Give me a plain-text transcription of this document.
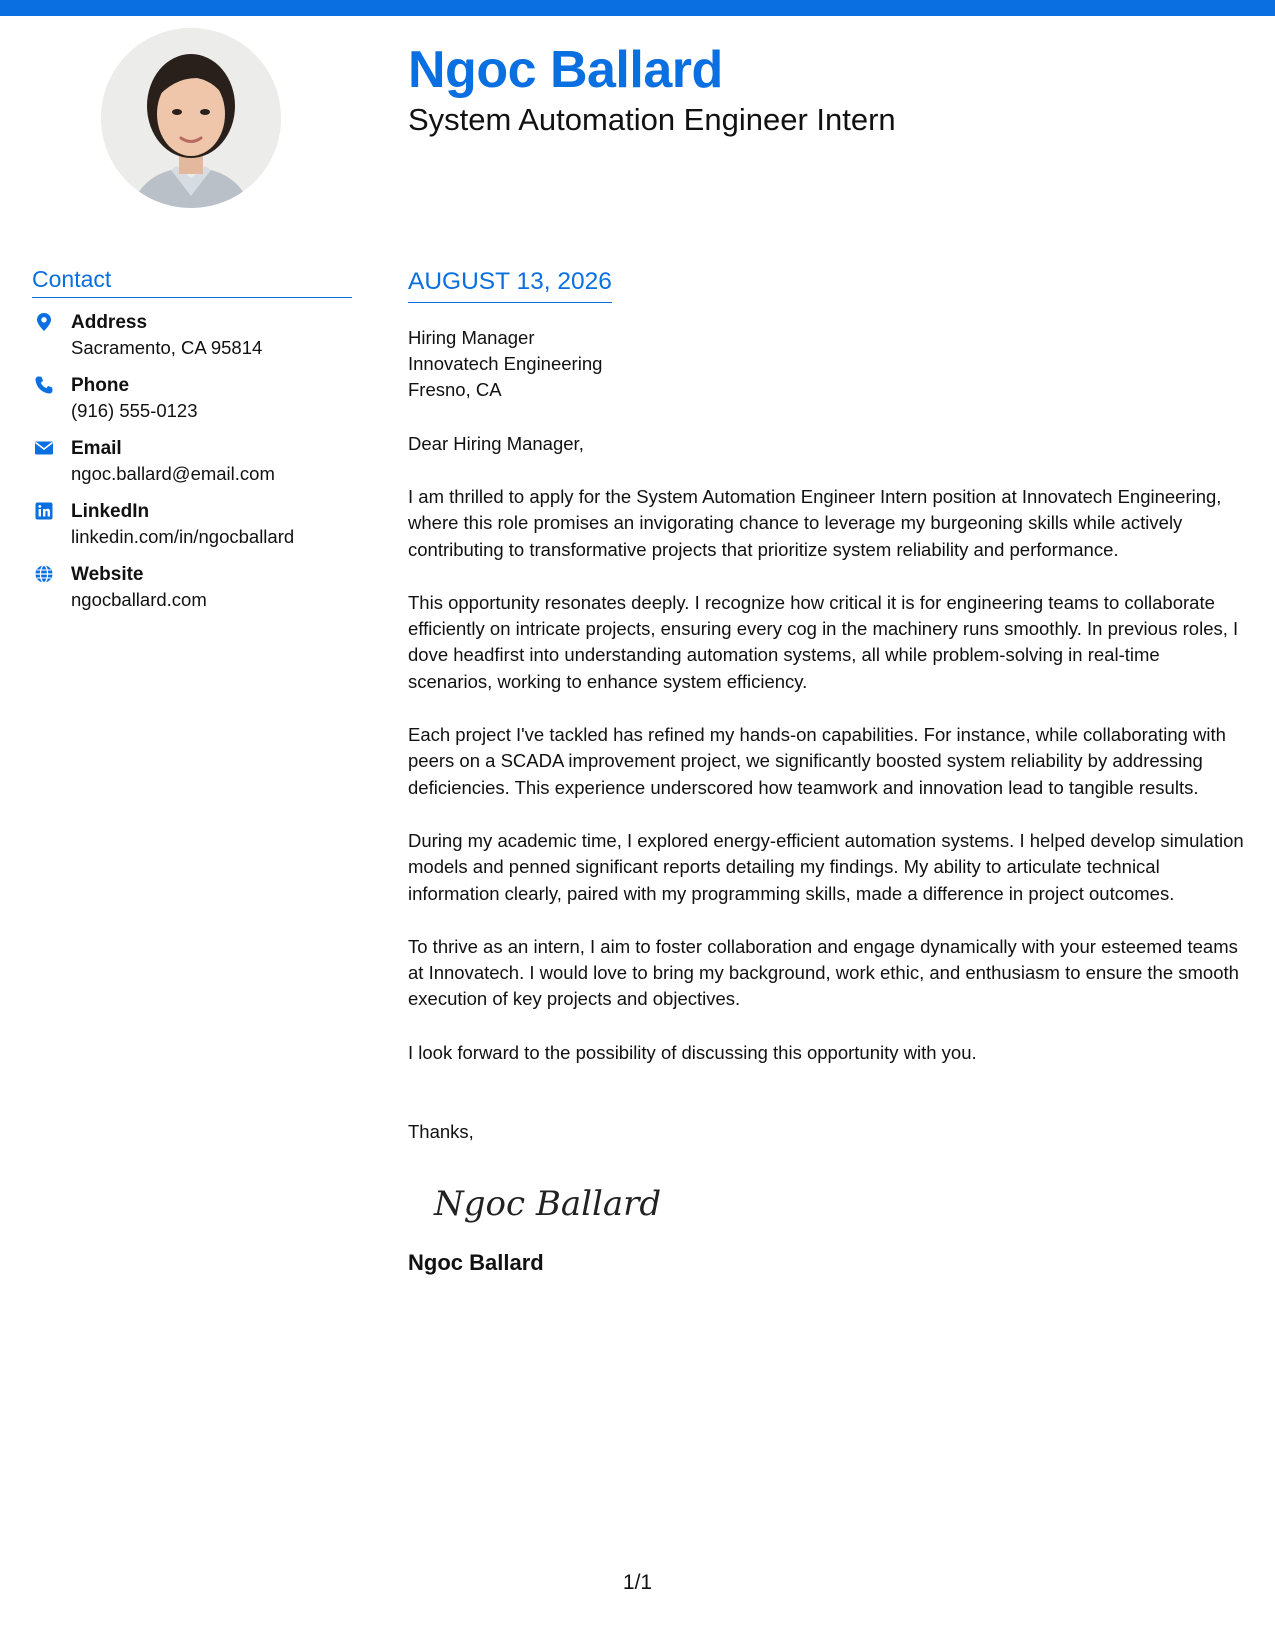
Ngoc Ballard
System Automation Engineer Intern
Contact
Address
Sacramento, CA 95814
Phone
(916) 555-0123
Email
ngoc.ballard@email.com
LinkedIn
linkedin.com/in/ngocballard
Website
ngocballard.com
AUGUST 13, 2026
Hiring Manager
Innovatech Engineering
Fresno, CA
Dear Hiring Manager,

I am thrilled to apply for the System Automation Engineer Intern position at Innovatech Engineering, where this role promises an invigorating chance to leverage my burgeoning skills while actively contributing to transformative projects that prioritize system reliability and performance.

This opportunity resonates deeply. I recognize how critical it is for engineering teams to collaborate efficiently on intricate projects, ensuring every cog in the machinery runs smoothly. In previous roles, I dove headfirst into understanding automation systems, all while problem-solving in real-time scenarios, working to enhance system efficiency.

Each project I've tackled has refined my hands-on capabilities. For instance, while collaborating with peers on a SCADA improvement project, we significantly boosted system reliability by addressing deficiencies. This experience underscored how teamwork and innovation lead to tangible results.

During my academic time, I explored energy-efficient automation systems. I helped develop simulation models and penned significant reports detailing my findings. My ability to articulate technical information clearly, paired with my programming skills, made a difference in project outcomes.

To thrive as an intern, I aim to foster collaboration and engage dynamically with your esteemed teams at Innovatech. I would love to bring my background, work ethic, and enthusiasm to ensure the smooth execution of key projects and objectives.

I look forward to the possibility of discussing this opportunity with you.

Thanks,
Ngoc Ballard
Ngoc Ballard
1/1
